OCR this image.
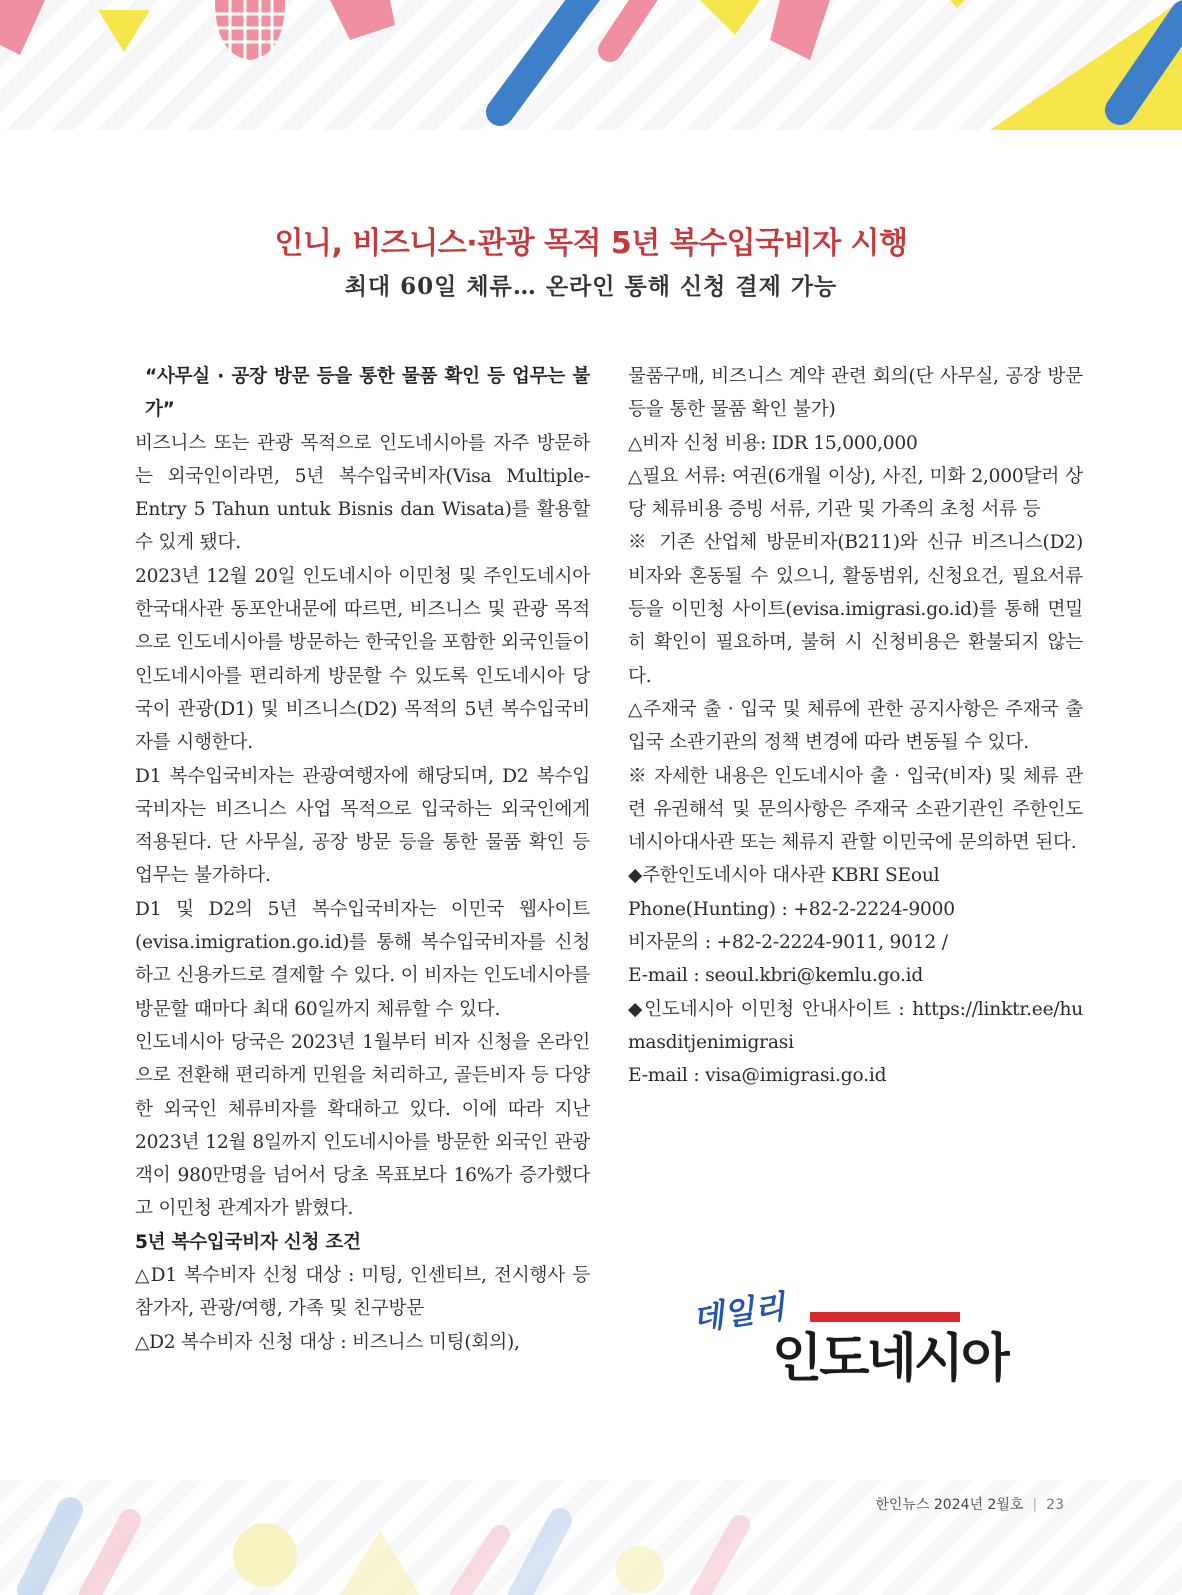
인니, 비즈니스·관광 목적 5년 복수입국비자 시행
최대 60일 체류… 온라인 통해 신청 결제 가능

“사무실 · 공장 방문 등을 통한 물품 확인 등 업무는 불가”

비즈니스 또는 관광 목적으로 인도네시아를 자주 방문하는 외국인이라면, 5년 복수입국비자(Visa Multiple-Entry 5 Tahun untuk Bisnis dan Wisata)를 활용할 수 있게 됐다.

2023년 12월 20일 인도네시아 이민청 및 주인도네시아 한국대사관 동포안내문에 따르면, 비즈니스 및 관광 목적으로 인도네시아를 방문하는 한국인을 포함한 외국인들이 인도네시아를 편리하게 방문할 수 있도록 인도네시아 당국이 관광(D1) 및 비즈니스(D2) 목적의 5년 복수입국비자를 시행한다.

D1 복수입국비자는 관광여행자에 해당되며, D2 복수입국비자는 비즈니스 사업 목적으로 입국하는 외국인에게 적용된다. 단 사무실, 공장 방문 등을 통한 물품 확인 등 업무는 불가하다.

D1 및 D2의 5년 복수입국비자는 이민국 웹사이트(evisa.imigration.go.id)를 통해 복수입국비자를 신청하고 신용카드로 결제할 수 있다. 이 비자는 인도네시아를 방문할 때마다 최대 60일까지 체류할 수 있다.

인도네시아 당국은 2023년 1월부터 비자 신청을 온라인으로 전환해 편리하게 민원을 처리하고, 골든비자 등 다양한 외국인 체류비자를 확대하고 있다. 이에 따라 지난 2023년 12월 8일까지 인도네시아를 방문한 외국인 관광객이 980만명을 넘어서 당초 목표보다 16%가 증가했다고 이민청 관계자가 밝혔다.

5년 복수입국비자 신청 조건

△D1 복수비자 신청 대상 : 미팅, 인센티브, 전시행사 등 참가자, 관광/여행, 가족 및 친구방문

△D2 복수비자 신청 대상 : 비즈니스 미팅(회의),

물품구매, 비즈니스 계약 관련 회의(단 사무실, 공장 방문 등을 통한 물품 확인 불가)

△비자 신청 비용: IDR 15,000,000

△필요 서류: 여권(6개월 이상), 사진, 미화 2,000달러 상당 체류비용 증빙 서류, 기관 및 가족의 초청 서류 등

※ 기존 산업체 방문비자(B211)와 신규 비즈니스(D2) 비자와 혼동될 수 있으니, 활동범위, 신청요건, 필요서류 등을 이민청 사이트(evisa.imigrasi.go.id)를 통해 면밀히 확인이 필요하며, 불허 시 신청비용은 환불되지 않는다.

△주재국 출 · 입국 및 체류에 관한 공지사항은 주재국 출입국 소관기관의 정책 변경에 따라 변동될 수 있다.

※ 자세한 내용은 인도네시아 출 · 입국(비자) 및 체류 관련 유권해석 및 문의사항은 주재국 소관기관인 주한인도네시아대사관 또는 체류지 관할 이민국에 문의하면 된다.

◆주한인도네시아 대사관 KBRI SEoul

Phone(Hunting) : +82-2-2224-9000

비자문의 : +82-2-2224-9011, 9012 /

E-mail : seoul.kbri@kemlu.go.id

◆인도네시아 이민청 안내사이트 : https://linktr.ee/humasditjenimigrasi

E-mail : visa@imigrasi.go.id

데일리
인도네시아
한인뉴스 2024년 2월호 | 23
